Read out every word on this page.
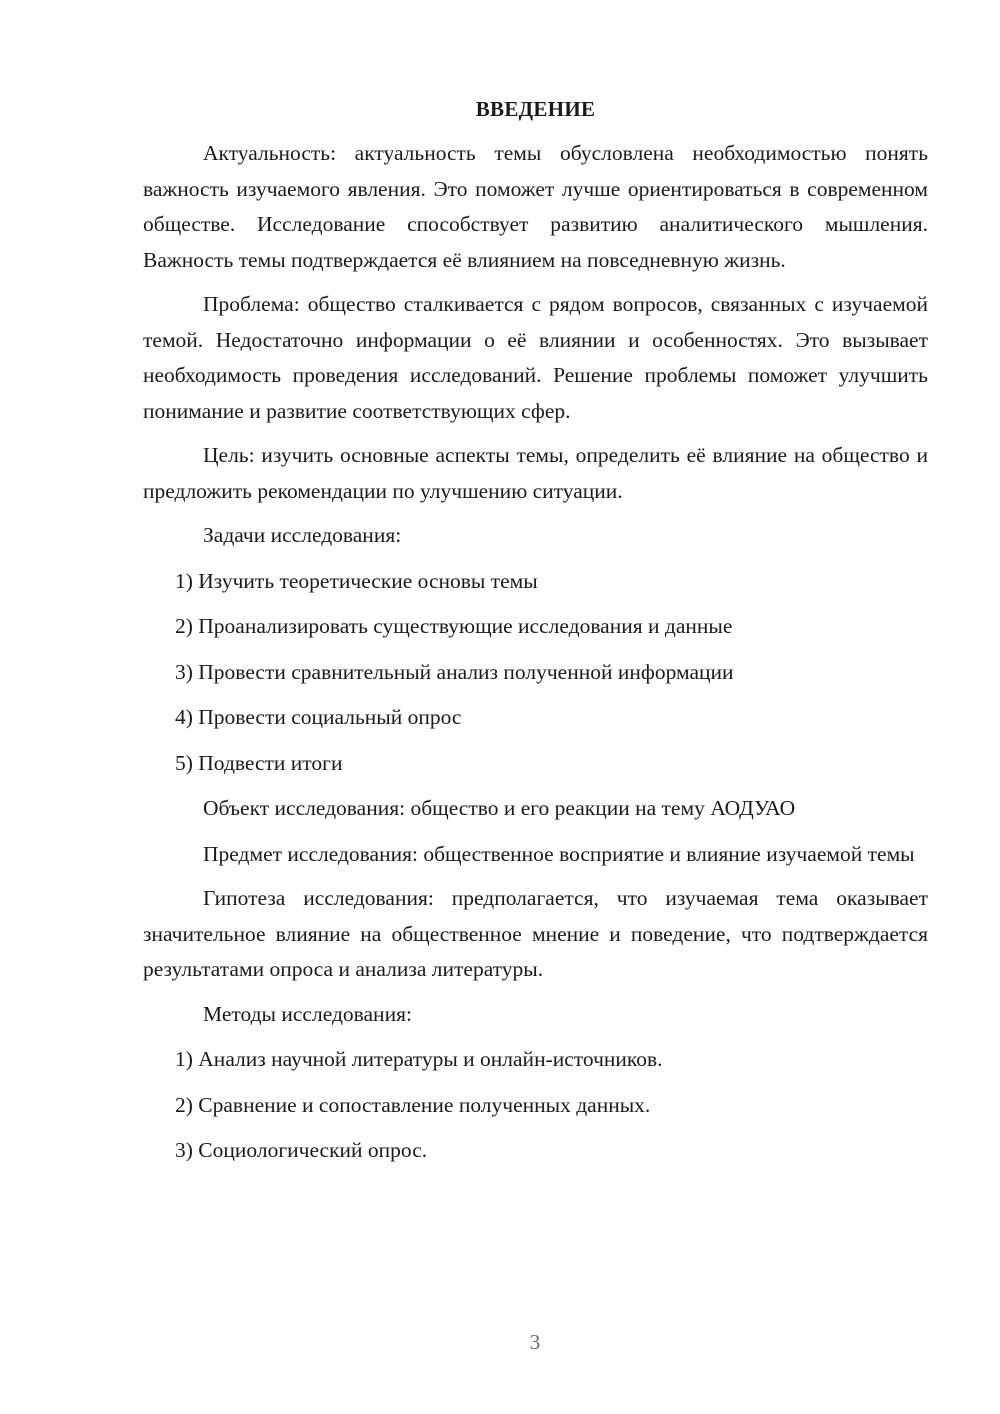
ВВЕДЕНИЕ

Актуальность: актуальность темы обусловлена необходимостью понять важность изучаемого явления. Это поможет лучше ориентироваться в современном обществе. Исследование способствует развитию аналитического мышления. Важность темы подтверждается её влиянием на повседневную жизнь.

Проблема: общество сталкивается с рядом вопросов, связанных с изучаемой темой. Недостаточно информации о её влиянии и особенностях. Это вызывает необходимость проведения исследований. Решение проблемы поможет улучшить понимание и развитие соответствующих сфер.

Цель: изучить основные аспекты темы, определить её влияние на общество и предложить рекомендации по улучшению ситуации.

Задачи исследования:
1) Изучить теоретические основы темы
2) Проанализировать существующие исследования и данные
3) Провести сравнительный анализ полученной информации
4) Провести социальный опрос
5) Подвести итоги
Объект исследования: общество и его реакции на тему АОДУАО

Предмет исследования: общественное восприятие и влияние изучаемой темы

Гипотеза исследования: предполагается, что изучаемая тема оказывает значительное влияние на общественное мнение и поведение, что подтверждается результатами опроса и анализа литературы.

Методы исследования:
1) Анализ научной литературы и онлайн-источников.
2) Сравнение и сопоставление полученных данных.
3) Социологический опрос.
3
